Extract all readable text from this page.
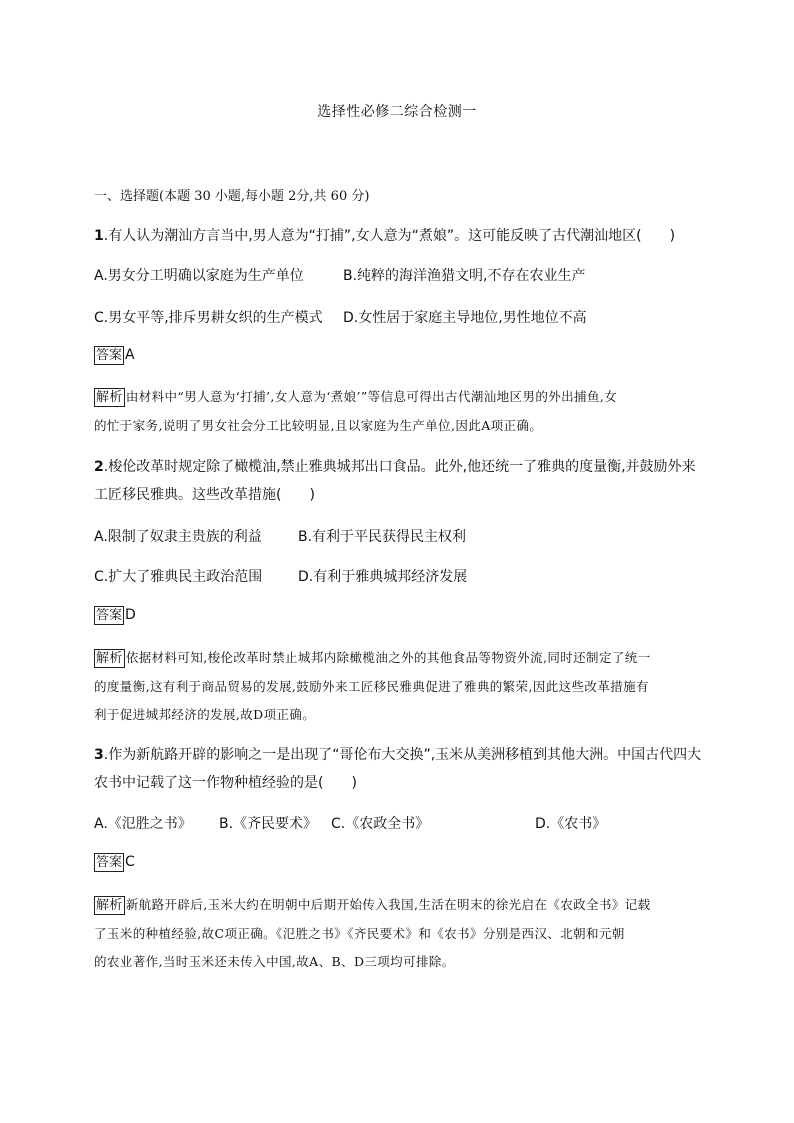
选择性必修二综合检测一
一、选择题(本题 30 小题,每小题 2分,共 60 分)
1.有人认为潮汕方言当中,男人意为“打捕”,女人意为“煮娘”。这可能反映了古代潮汕地区(　　)
A.男女分工明确以家庭为生产单位	B.纯粹的海洋渔猎文明,不存在农业生产
C.男女平等,排斥男耕女织的生产模式 D.女性居于家庭主导地位,男性地位不高
答案 A
解析 由材料中“男人意为‘打捕’,女人意为‘煮娘’”等信息可得出古代潮汕地区男的外出捕鱼,女
的忙于家务,说明了男女社会分工比较明显,且以家庭为生产单位,因此A项正确。
2.梭伦改革时规定除了橄榄油,禁止雅典城邦出口食品。此外,他还统一了雅典的度量衡,并鼓励外来
工匠移民雅典。这些改革措施(　　)
A.限制了奴隶主贵族的利益	B.有利于平民获得民主权利
C.扩大了雅典民主政治范围	D.有利于雅典城邦经济发展
答案 D
解析 依据材料可知,梭伦改革时禁止城邦内除橄榄油之外的其他食品等物资外流,同时还制定了统一
的度量衡,这有利于商品贸易的发展,鼓励外来工匠移民雅典促进了雅典的繁荣,因此这些改革措施有
利于促进城邦经济的发展,故D项正确。
3.作为新航路开辟的影响之一是出现了“哥伦布大交换”,玉米从美洲移植到其他大洲。中国古代四大
农书中记载了这一作物种植经验的是(　　)
A.《氾胜之书》 B.《齐民要术》 C.《农政全书》	D.《农书》
答案 C
解析 新航路开辟后,玉米大约在明朝中后期开始传入我国,生活在明末的徐光启在《农政全书》记载
了玉米的种植经验,故C项正确。《氾胜之书》《齐民要术》和《农书》分别是西汉、北朝和元朝
的农业著作,当时玉米还未传入中国,故A、B、D三项均可排除。
